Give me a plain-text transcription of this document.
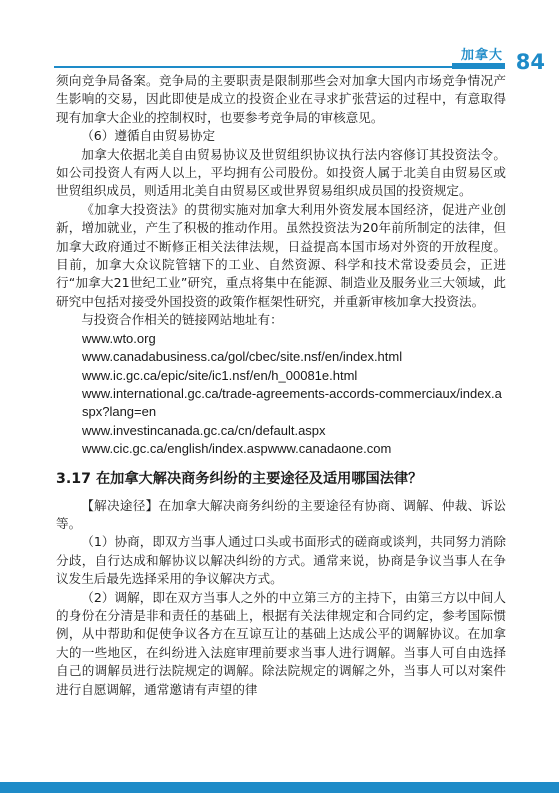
加拿大 84

须向竞争局备案。竞争局的主要职责是限制那些会对加拿大国内市场竞争情况产生影响的交易，因此即使是成立的投资企业在寻求扩张营运的过程中，有意取得现有加拿大企业的控制权时，也要参考竞争局的审核意见。

（6）遵循自由贸易协定

加拿大依据北美自由贸易协议及世贸组织协议执行法内容修订其投资法令。如公司投资人有两人以上，平均拥有公司股份。如投资人属于北美自由贸易区或世贸组织成员，则适用北美自由贸易区或世界贸易组织成员国的投资规定。

《加拿大投资法》的贯彻实施对加拿大利用外资发展本国经济，促进产业创新，增加就业，产生了积极的推动作用。虽然投资法为20年前所制定的法律，但加拿大政府通过不断修正相关法律法规，日益提高本国市场对外资的开放程度。目前，加拿大众议院管辖下的工业、自然资源、科学和技术常设委员会，正进行“加拿大21世纪工业”研究，重点将集中在能源、制造业及服务业三大领域，此研究中包括对接受外国投资的政策作框架性研究，并重新审核加拿大投资法。

与投资合作相关的链接网站地址有：

www.wto.org

www.canadabusiness.ca/gol/cbec/site.nsf/en/index.html

www.ic.gc.ca/epic/site/ic1.nsf/en/h_00081e.html

www.international.gc.ca/trade-agreements-accords-commerciaux/index.aspx?lang=en

www.investincanada.gc.ca/cn/default.aspx

www.cic.gc.ca/english/index.aspwww.canadaone.com

3.17 在加拿大解决商务纠纷的主要途径及适用哪国法律？

【解决途径】在加拿大解决商务纠纷的主要途径有协商、调解、仲裁、诉讼等。

（1）协商，即双方当事人通过口头或书面形式的磋商或谈判，共同努力消除分歧，自行达成和解协议以解决纠纷的方式。通常来说，协商是争议当事人在争议发生后最先选择采用的争议解决方式。

（2）调解，即在双方当事人之外的中立第三方的主持下，由第三方以中间人的身份在分清是非和责任的基础上，根据有关法律规定和合同约定，参考国际惯例，从中帮助和促使争议各方在互谅互让的基础上达成公平的调解协议。在加拿大的一些地区，在纠纷进入法庭审理前要求当事人进行调解。当事人可自由选择自己的调解员进行法院规定的调解。除法院规定的调解之外，当事人可以对案件进行自愿调解，通常邀请有声望的律
